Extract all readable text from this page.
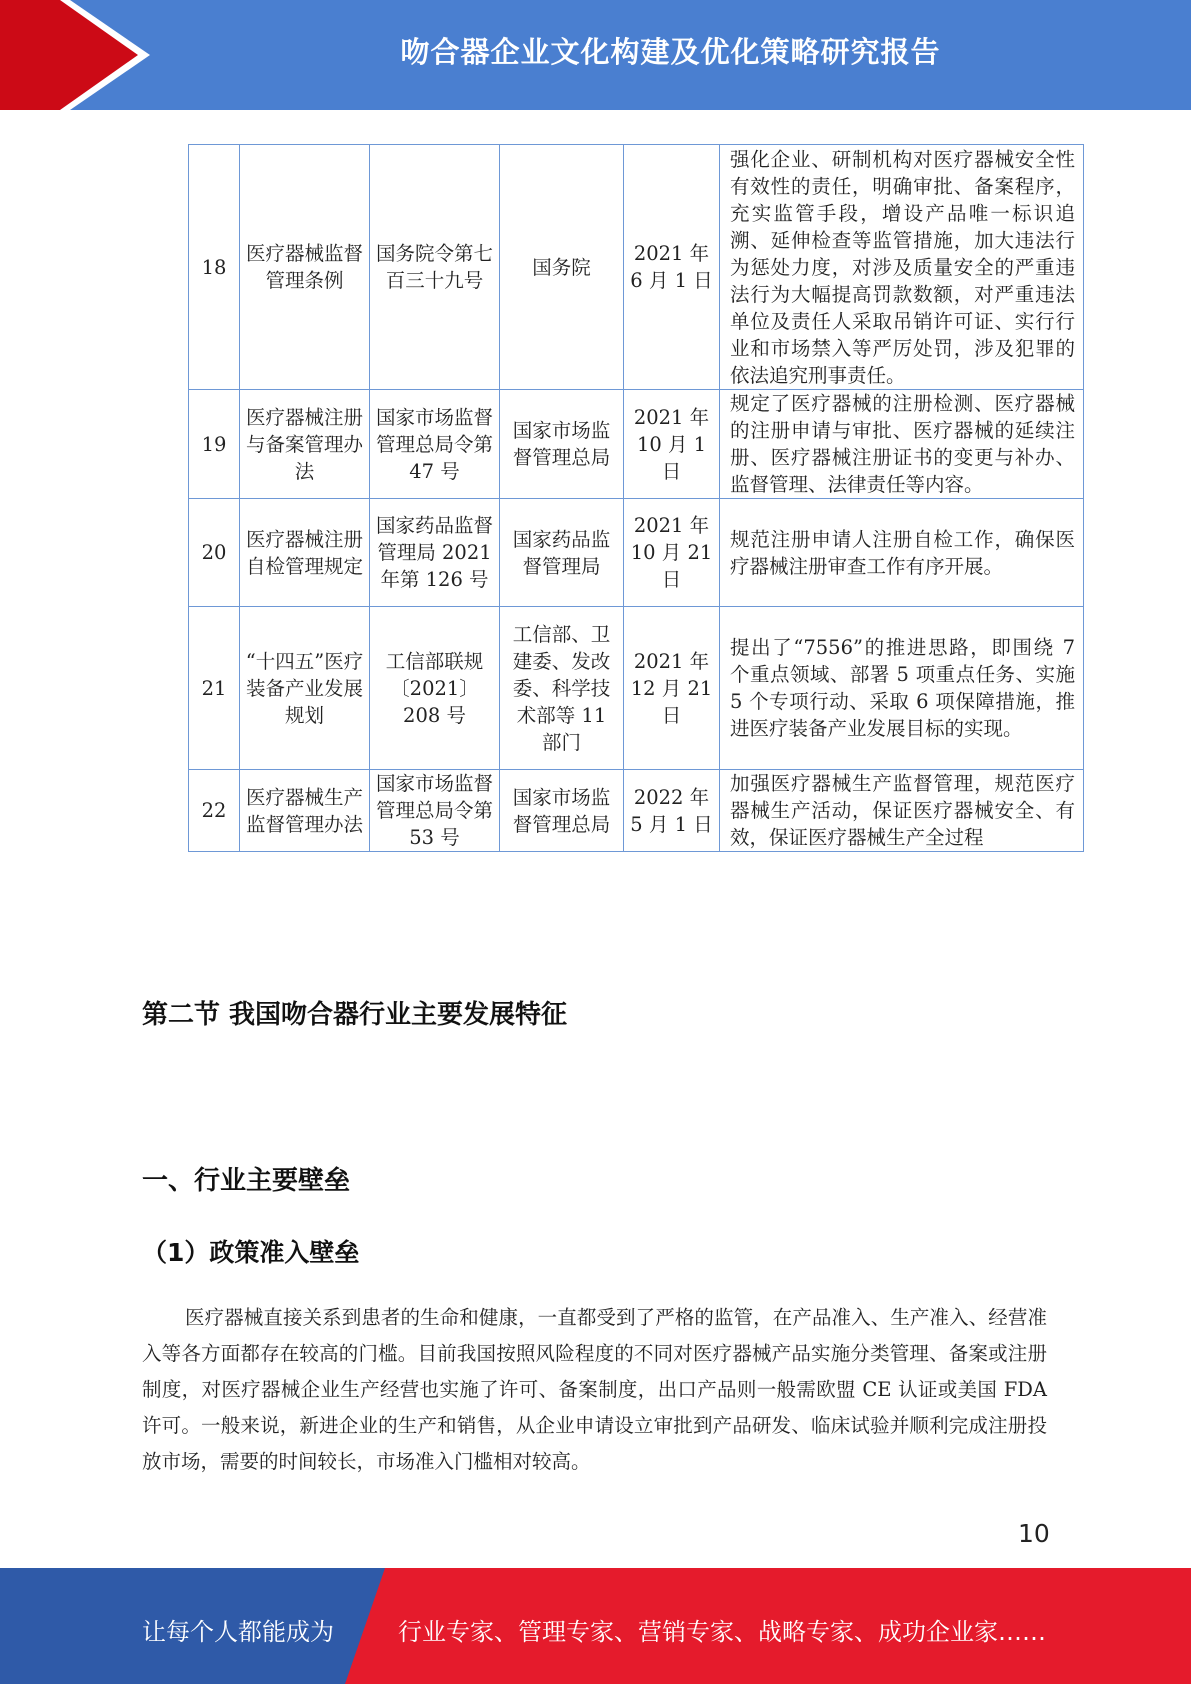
吻合器企业文化构建及优化策略研究报告
18	医疗器械监督管理条例	国务院令第七百三十九号	国务院	2021 年 6 月 1 日	强化企业、研制机构对医疗器械安全性有效性的责任，明确审批、备案程序，充实监管手段，增设产品唯一标识追溯、延伸检查等监管措施，加大违法行为惩处力度，对涉及质量安全的严重违法行为大幅提高罚款数额，对严重违法单位及责任人采取吊销许可证、实行行业和市场禁入等严厉处罚，涉及犯罪的依法追究刑事责任。
19	医疗器械注册与备案管理办法	国家市场监督管理总局令第 47 号	国家市场监督管理总局	2021 年 10 月 1 日	规定了医疗器械的注册检测、医疗器械的注册申请与审批、医疗器械的延续注册、医疗器械注册证书的变更与补办、监督管理、法律责任等内容。
20	医疗器械注册自检管理规定	国家药品监督管理局 2021 年第 126 号	国家药品监督管理局	2021 年 10 月 21 日	规范注册申请人注册自检工作，确保医疗器械注册审查工作有序开展。
21	“十四五”医疗装备产业发展规划	工信部联规〔2021〕208 号	工信部、卫建委、发改委、科学技术部等 11 部门	2021 年 12 月 21 日	提出了“7556”的推进思路，即围绕 7 个重点领域、部署 5 项重点任务、实施 5 个专项行动、采取 6 项保障措施，推进医疗装备产业发展目标的实现。
22	医疗器械生产监督管理办法	国家市场监督管理总局令第 53 号	国家市场监督管理总局	2022 年 5 月 1 日	加强医疗器械生产监督管理，规范医疗器械生产活动，保证医疗器械安全、有效，保证医疗器械生产全过程
第二节 我国吻合器行业主要发展特征
一、行业主要壁垒
（1）政策准入壁垒

医疗器械直接关系到患者的生命和健康，一直都受到了严格的监管，在产品准入、生产准入、经营准入等各方面都存在较高的门槛。目前我国按照风险程度的不同对医疗器械产品实施分类管理、备案或注册制度，对医疗器械企业生产经营也实施了许可、备案制度，出口产品则一般需欧盟 CE 认证或美国 FDA 许可。一般来说，新进企业的生产和销售，从企业申请设立审批到产品研发、临床试验并顺利完成注册投放市场，需要的时间较长，市场准入门槛相对较高。

10
让每个人都能成为	行业专家、管理专家、营销专家、战略专家、成功企业家……
